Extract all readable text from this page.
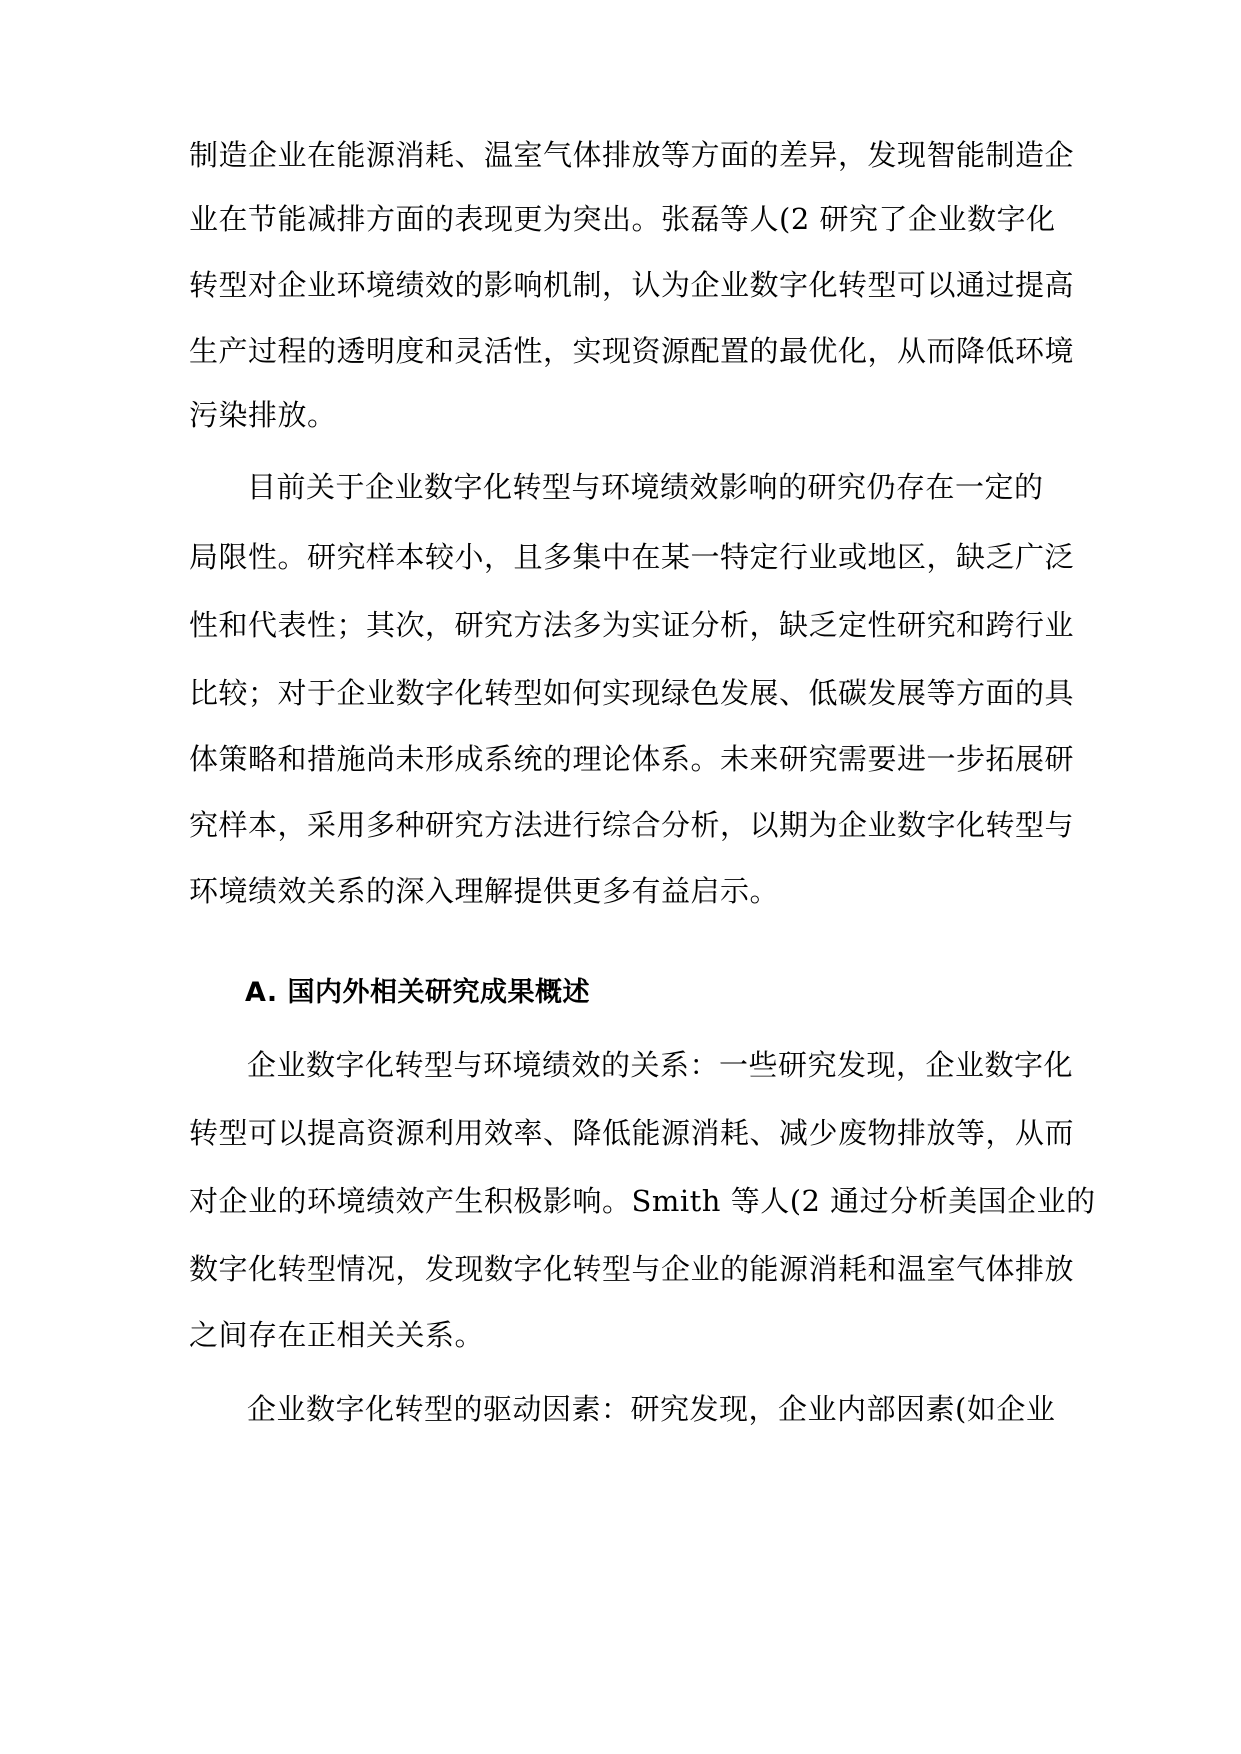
制造企业在能源消耗、温室气体排放等方面的差异，发现智能制造企
业在节能减排方面的表现更为突出。张磊等人(2 研究了企业数字化
转型对企业环境绩效的影响机制，认为企业数字化转型可以通过提高
生产过程的透明度和灵活性，实现资源配置的最优化，从而降低环境
污染排放。
目前关于企业数字化转型与环境绩效影响的研究仍存在一定的
局限性。研究样本较小，且多集中在某一特定行业或地区，缺乏广泛
性和代表性；其次，研究方法多为实证分析，缺乏定性研究和跨行业
比较；对于企业数字化转型如何实现绿色发展、低碳发展等方面的具
体策略和措施尚未形成系统的理论体系。未来研究需要进一步拓展研
究样本，采用多种研究方法进行综合分析，以期为企业数字化转型与
环境绩效关系的深入理解提供更多有益启示。
A. 国内外相关研究成果概述
企业数字化转型与环境绩效的关系：一些研究发现，企业数字化
转型可以提高资源利用效率、降低能源消耗、减少废物排放等，从而
对企业的环境绩效产生积极影响。Smith 等人(2 通过分析美国企业的
数字化转型情况，发现数字化转型与企业的能源消耗和温室气体排放
之间存在正相关关系。
企业数字化转型的驱动因素：研究发现，企业内部因素(如企业
